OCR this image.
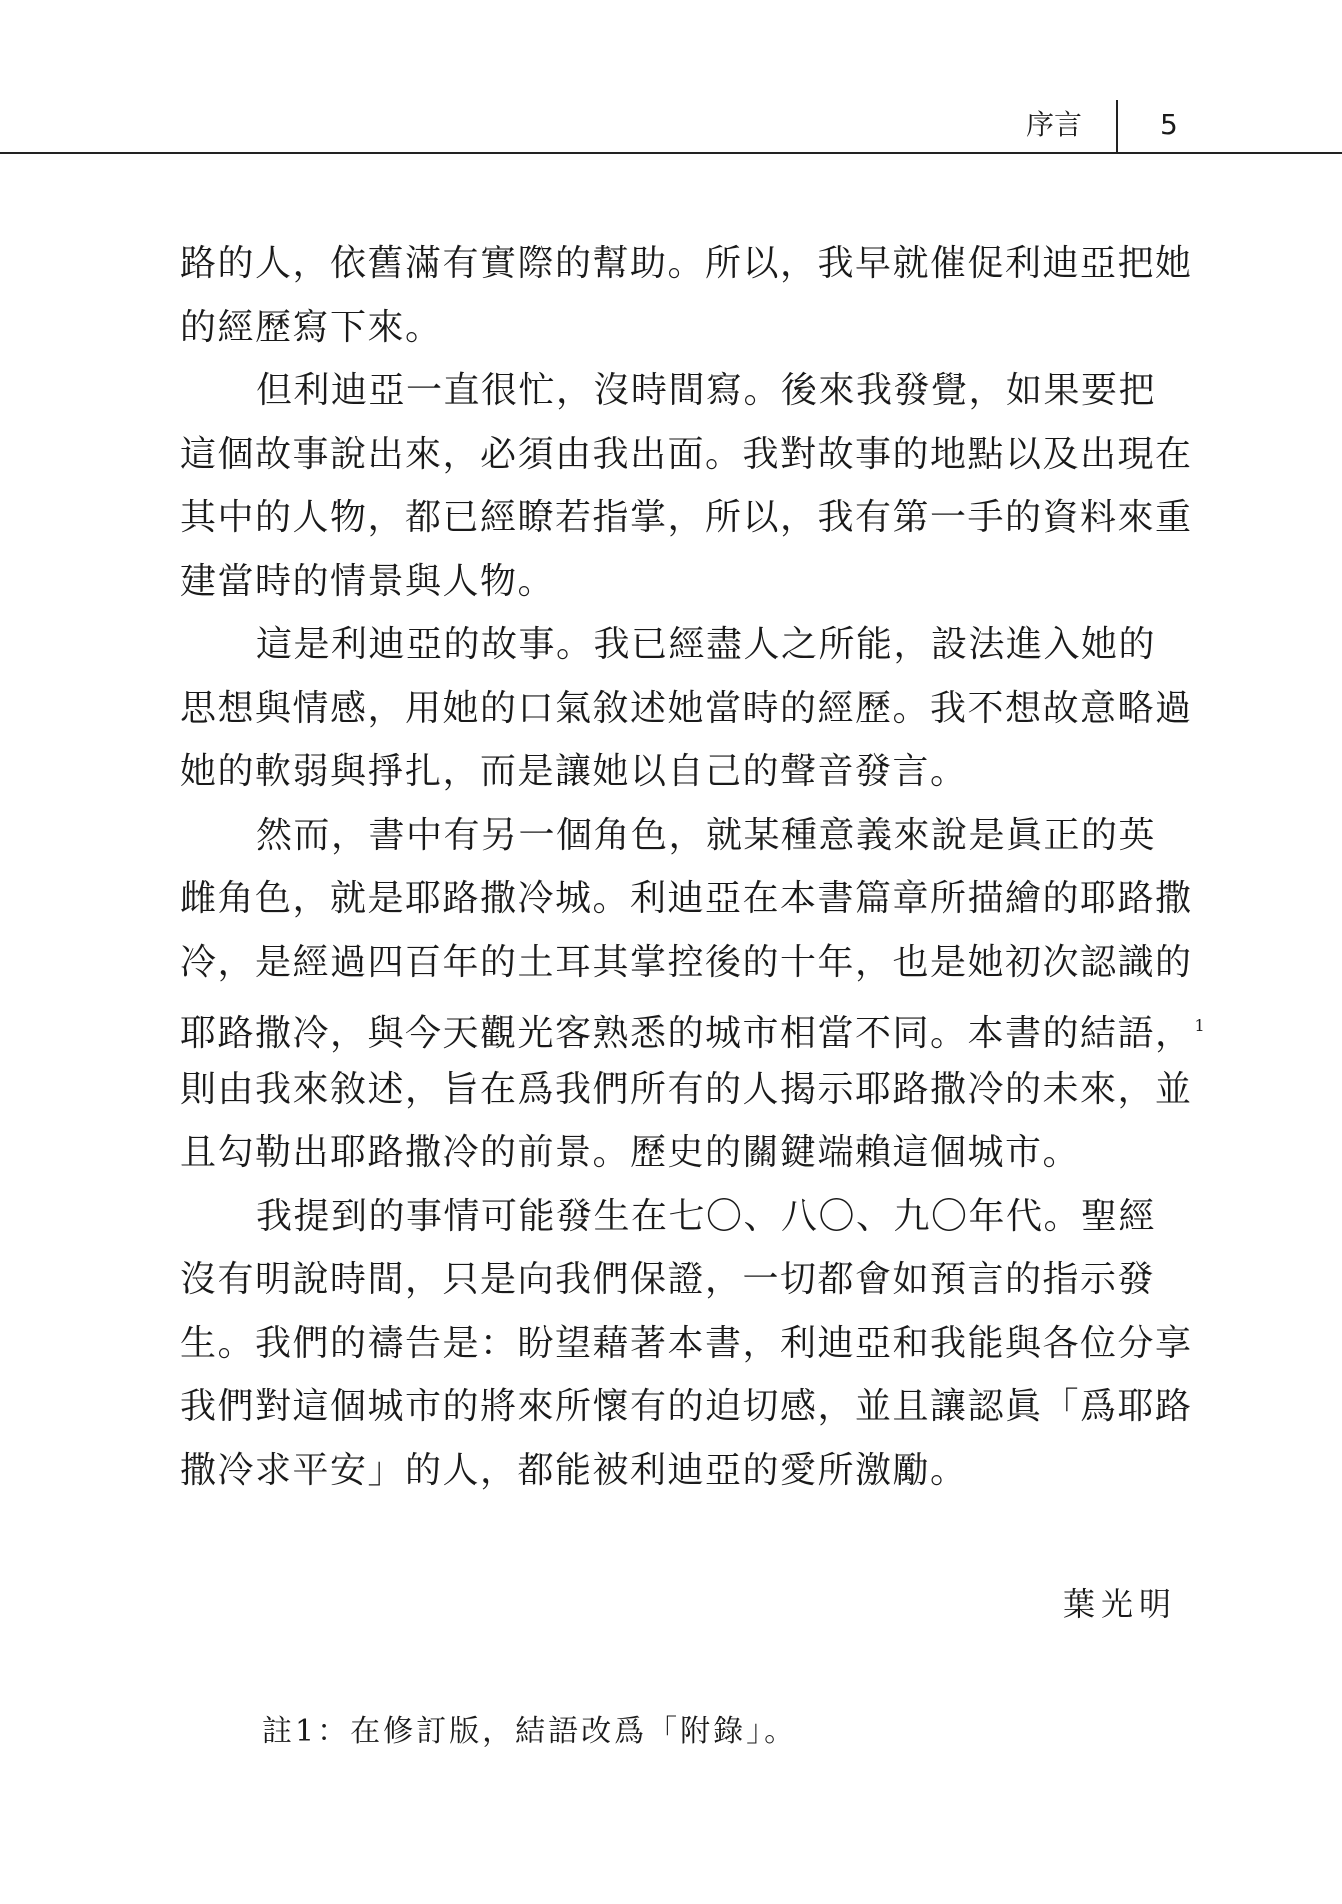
序言	5
路的人，依舊滿有實際的幫助。所以，我早就催促利迪亞把她
的經歷寫下來。
但利迪亞一直很忙，沒時間寫。後來我發覺，如果要把
這個故事說出來，必須由我出面。我對故事的地點以及出現在
其中的人物，都已經瞭若指掌，所以，我有第一手的資料來重
建當時的情景與人物。
這是利迪亞的故事。我已經盡人之所能，設法進入她的
思想與情感，用她的口氣敘述她當時的經歷。我不想故意略過
她的軟弱與掙扎，而是讓她以自己的聲音發言。
然而，書中有另一個角色，就某種意義來說是眞正的英
雌角色，就是耶路撒冷城。利迪亞在本書篇章所描繪的耶路撒
冷，是經過四百年的土耳其掌控後的十年，也是她初次認識的
耶路撒冷，與今天觀光客熟悉的城市相當不同。本書的結語， $^1$
則由我來敘述，旨在爲我們所有的人揭示耶路撒冷的未來，並
且勾勒出耶路撒冷的前景。歷史的關鍵端賴這個城市。
我提到的事情可能發生在七〇、八〇、九〇年代。聖經
沒有明說時間，只是向我們保證，一切都會如預言的指示發
生。我們的禱告是：盼望藉著本書，利迪亞和我能與各位分享
我們對這個城市的將來所懷有的迫切感，並且讓認眞「爲耶路
撒冷求平安」的人，都能被利迪亞的愛所激勵。
葉光明
註1：在修訂版，結語改爲「附錄」。
